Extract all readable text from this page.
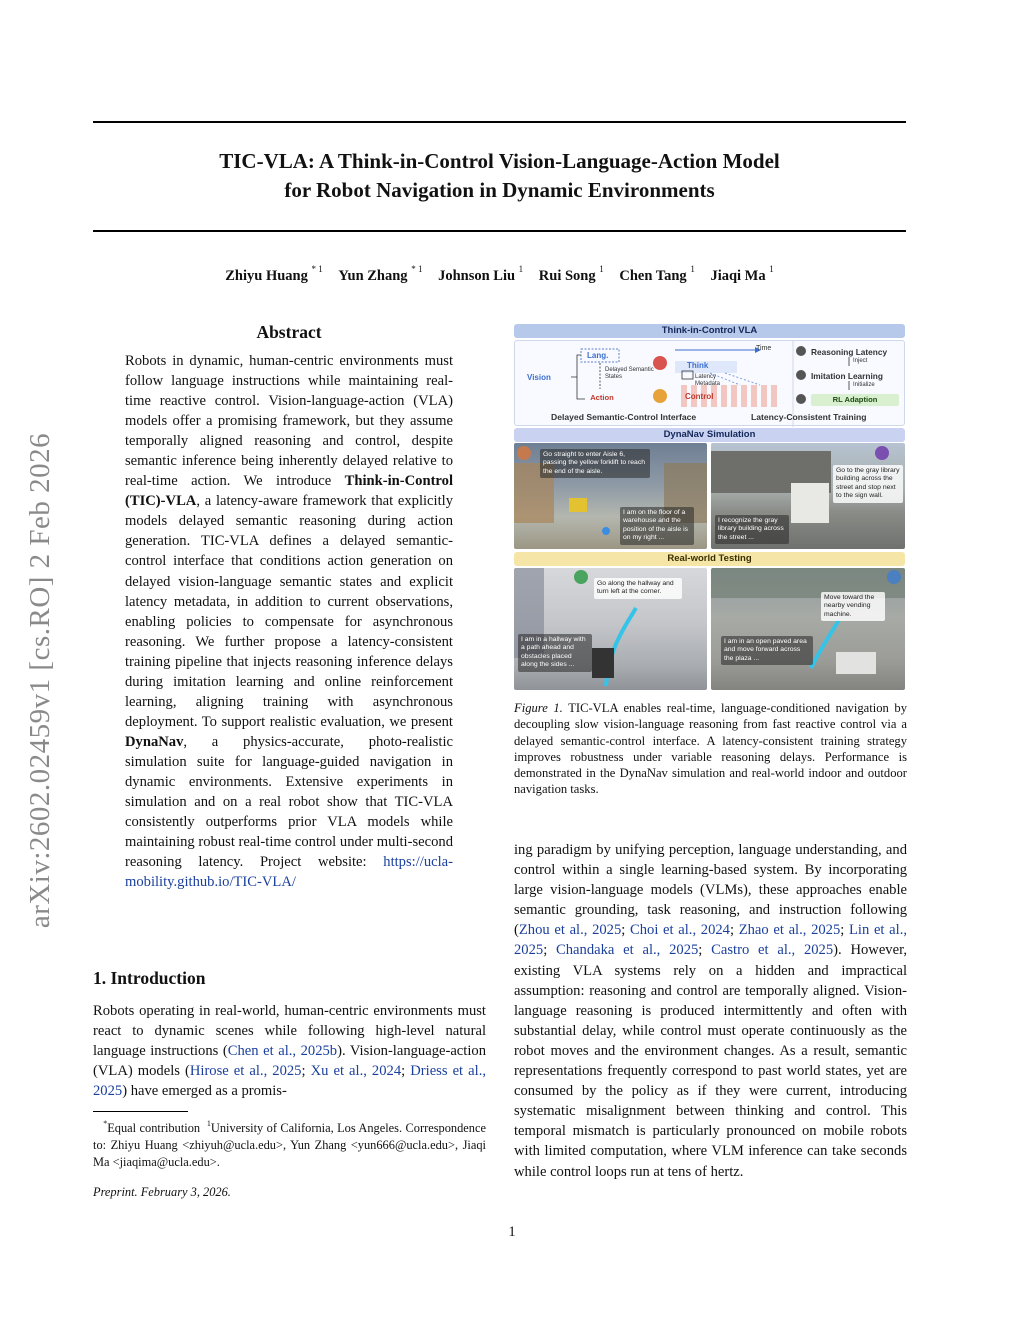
arXiv:2602.02459v1 [cs.RO] 2 Feb 2026
TIC-VLA: A Think-in-Control Vision-Language-Action Model
for Robot Navigation in Dynamic Environments
Zhiyu Huang $^{* 1}$ Yun Zhang $^{* 1}$ Johnson Liu $^1$ Rui Song $^1$ Chen Tang $^1$ Jiaqi Ma $^1$
Abstract
Robots in dynamic, human-centric environments must follow language instructions while maintaining real-time reactive control. Vision-language-action (VLA) models offer a promising framework, but they assume temporally aligned reasoning and control, despite semantic inference being inherently delayed relative to real-time action. We introduce Think-in-Control (TIC)-VLA, a latency-aware framework that explicitly models delayed semantic reasoning during action generation. TIC-VLA defines a delayed semantic-control interface that conditions action generation on delayed vision-language semantic states and explicit latency metadata, in addition to current observations, enabling policies to compensate for asynchronous reasoning. We further propose a latency-consistent training pipeline that injects reasoning inference delays during imitation learning and online reinforcement learning, aligning training with asynchronous deployment. To support realistic evaluation, we present DynaNav, a physics-accurate, photo-realistic simulation suite for language-guided navigation in dynamic environments. Extensive experiments in simulation and on a real robot show that TIC-VLA consistently outperforms prior VLA models while maintaining robust real-time control under multi-second reasoning latency. Project website: https://ucla-mobility.github.io/TIC-VLA/
1. Introduction
Robots operating in real-world, human-centric environments must react to dynamic scenes while following high-level natural language instructions (Chen et al., 2025b). Vision-language-action (VLA) models (Hirose et al., 2025; Xu et al., 2024; Driess et al., 2025) have emerged as a promis-
*Equal contribution $^1$University of California, Los Angeles. Correspondence to: Zhiyu Huang <zhiyuh@ucla.edu>, Yun Zhang <yun666@ucla.edu>, Jiaqi Ma <jiaqima@ucla.edu>.
Preprint. February 3, 2026.
ing paradigm by unifying perception, language understanding, and control within a single learning-based system. By incorporating large vision-language models (VLMs), these approaches enable semantic grounding, task reasoning, and instruction following (Zhou et al., 2025; Choi et al., 2024; Zhao et al., 2025; Lin et al., 2025; Chandaka et al., 2025; Castro et al., 2025). However, existing VLA systems rely on a hidden and impractical assumption: reasoning and control are temporally aligned. Vision-language reasoning is produced intermittently and often with substantial delay, while control must operate continuously as the robot moves and the environment changes. As a result, semantic representations frequently correspond to past world states, yet are consumed by the policy as if they were current, introducing systematic misalignment between thinking and control. This temporal mismatch is particularly pronounced on mobile robots with limited computation, where VLM inference can take seconds while control loops run at tens of hertz.
1
Think-in-Control VLA
Lang.
Vision
Action
Delayed Semantic States
Time
Think
Latency Metadata
Control
Reasoning Latency
Inject
Imitation Learning
Initialize
RL Adaption
Delayed Semantic-Control Interface	Latency-Consistent Training
DynaNav Simulation
Go straight to enter Aisle 6, passing the yellow forklift to reach the end of the aisle.
I am on the floor of a warehouse and the position of the aisle is on my right ...
Go to the gray library building across the street and stop next to the sign wall.
I recognize the gray library building across the street ...
Real-world Testing
Go along the hallway and turn left at the corner.
I am in a hallway with a path ahead and obstacles placed along the sides ...
Move toward the nearby vending machine.
I am in an open paved area and move forward across the plaza ...
Figure 1. TIC-VLA enables real-time, language-conditioned navigation by decoupling slow vision-language reasoning from fast reactive control via a delayed semantic-control interface. A latency-consistent training strategy improves robustness under variable reasoning delays. Performance is demonstrated in the DynaNav simulation and real-world indoor and outdoor navigation tasks.
